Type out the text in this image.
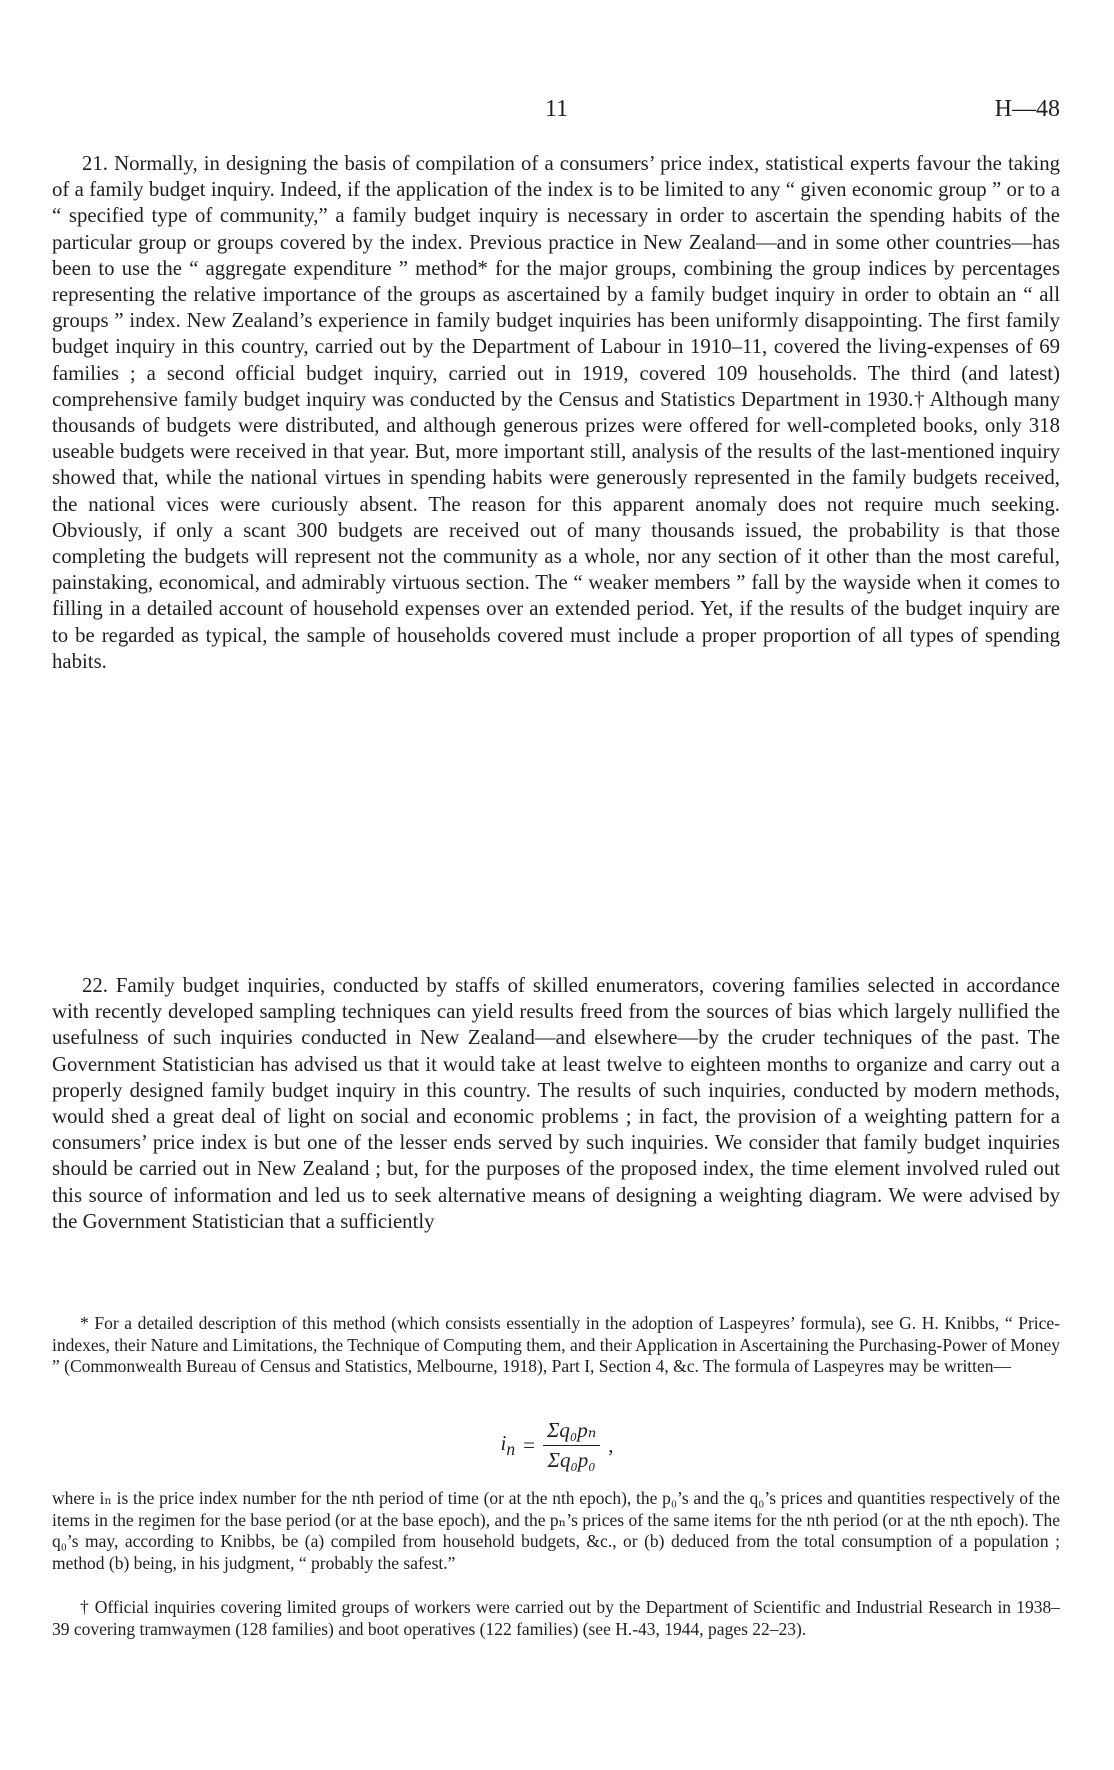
11	H—48

21. Normally, in designing the basis of compilation of a consumers’ price index, statistical experts favour the taking of a family budget inquiry. Indeed, if the application of the index is to be limited to any “ given economic group ” or to a “ specified type of community,” a family budget inquiry is necessary in order to ascertain the spending habits of the particular group or groups covered by the index. Previous practice in New Zealand—and in some other countries—has been to use the “ aggregate expenditure ” method* for the major groups, combining the group indices by percentages representing the relative importance of the groups as ascertained by a family budget inquiry in order to obtain an “ all groups ” index. New Zealand’s experience in family budget inquiries has been uniformly disappointing. The first family budget inquiry in this country, carried out by the Department of Labour in 1910–11, covered the living-expenses of 69 families ; a second official budget inquiry, carried out in 1919, covered 109 households. The third (and latest) comprehensive family budget inquiry was conducted by the Census and Statistics Department in 1930.† Although many thousands of budgets were distributed, and although generous prizes were offered for well-completed books, only 318 useable budgets were received in that year. But, more important still, analysis of the results of the last-mentioned inquiry showed that, while the national virtues in spending habits were generously represented in the family budgets received, the national vices were curiously absent. The reason for this apparent anomaly does not require much seeking. Obviously, if only a scant 300 budgets are received out of many thousands issued, the probability is that those completing the budgets will represent not the community as a whole, nor any section of it other than the most careful, painstaking, economical, and admirably virtuous section. The “ weaker members ” fall by the wayside when it comes to filling in a detailed account of household expenses over an extended period. Yet, if the results of the budget inquiry are to be regarded as typical, the sample of households covered must include a proper proportion of all types of spending habits.

22. Family budget inquiries, conducted by staffs of skilled enumerators, covering families selected in accordance with recently developed sampling techniques can yield results freed from the sources of bias which largely nullified the usefulness of such inquiries conducted in New Zealand—and elsewhere—by the cruder techniques of the past. The Government Statistician has advised us that it would take at least twelve to eighteen months to organize and carry out a properly designed family budget inquiry in this country. The results of such inquiries, conducted by modern methods, would shed a great deal of light on social and economic problems ; in fact, the provision of a weighting pattern for a consumers’ price index is but one of the lesser ends served by such inquiries. We consider that family budget inquiries should be carried out in New Zealand ; but, for the purposes of the proposed index, the time element involved ruled out this source of information and led us to seek alternative means of designing a weighting diagram. We were advised by the Government Statistician that a sufficiently

* For a detailed description of this method (which consists essentially in the adoption of Laspeyres’ formula), see G. H. Knibbs, “ Price-indexes, their Nature and Limitations, the Technique of Computing them, and their Application in Ascertaining the Purchasing-Power of Money ” (Commonwealth Bureau of Census and Statistics, Melbourne, 1918), Part I, Section 4, &c. The formula of Laspeyres may be written—

$i_n = \frac{\text{Σq₀pₙ}}{\text{Σq₀p₀}}$ ,

where iₙ is the price index number for the nth period of time (or at the nth epoch), the p₀’s and the q₀’s prices and quantities respectively of the items in the regimen for the base period (or at the base epoch), and the pₙ’s prices of the same items for the nth period (or at the nth epoch). The q₀’s may, according to Knibbs, be (a) compiled from household budgets, &c., or (b) deduced from the total consumption of a population ; method (b) being, in his judgment, “ probably the safest.”

† Official inquiries covering limited groups of workers were carried out by the Department of Scientific and Industrial Research in 1938–39 covering tramwaymen (128 families) and boot operatives (122 families) (see H.-43, 1944, pages 22–23).
